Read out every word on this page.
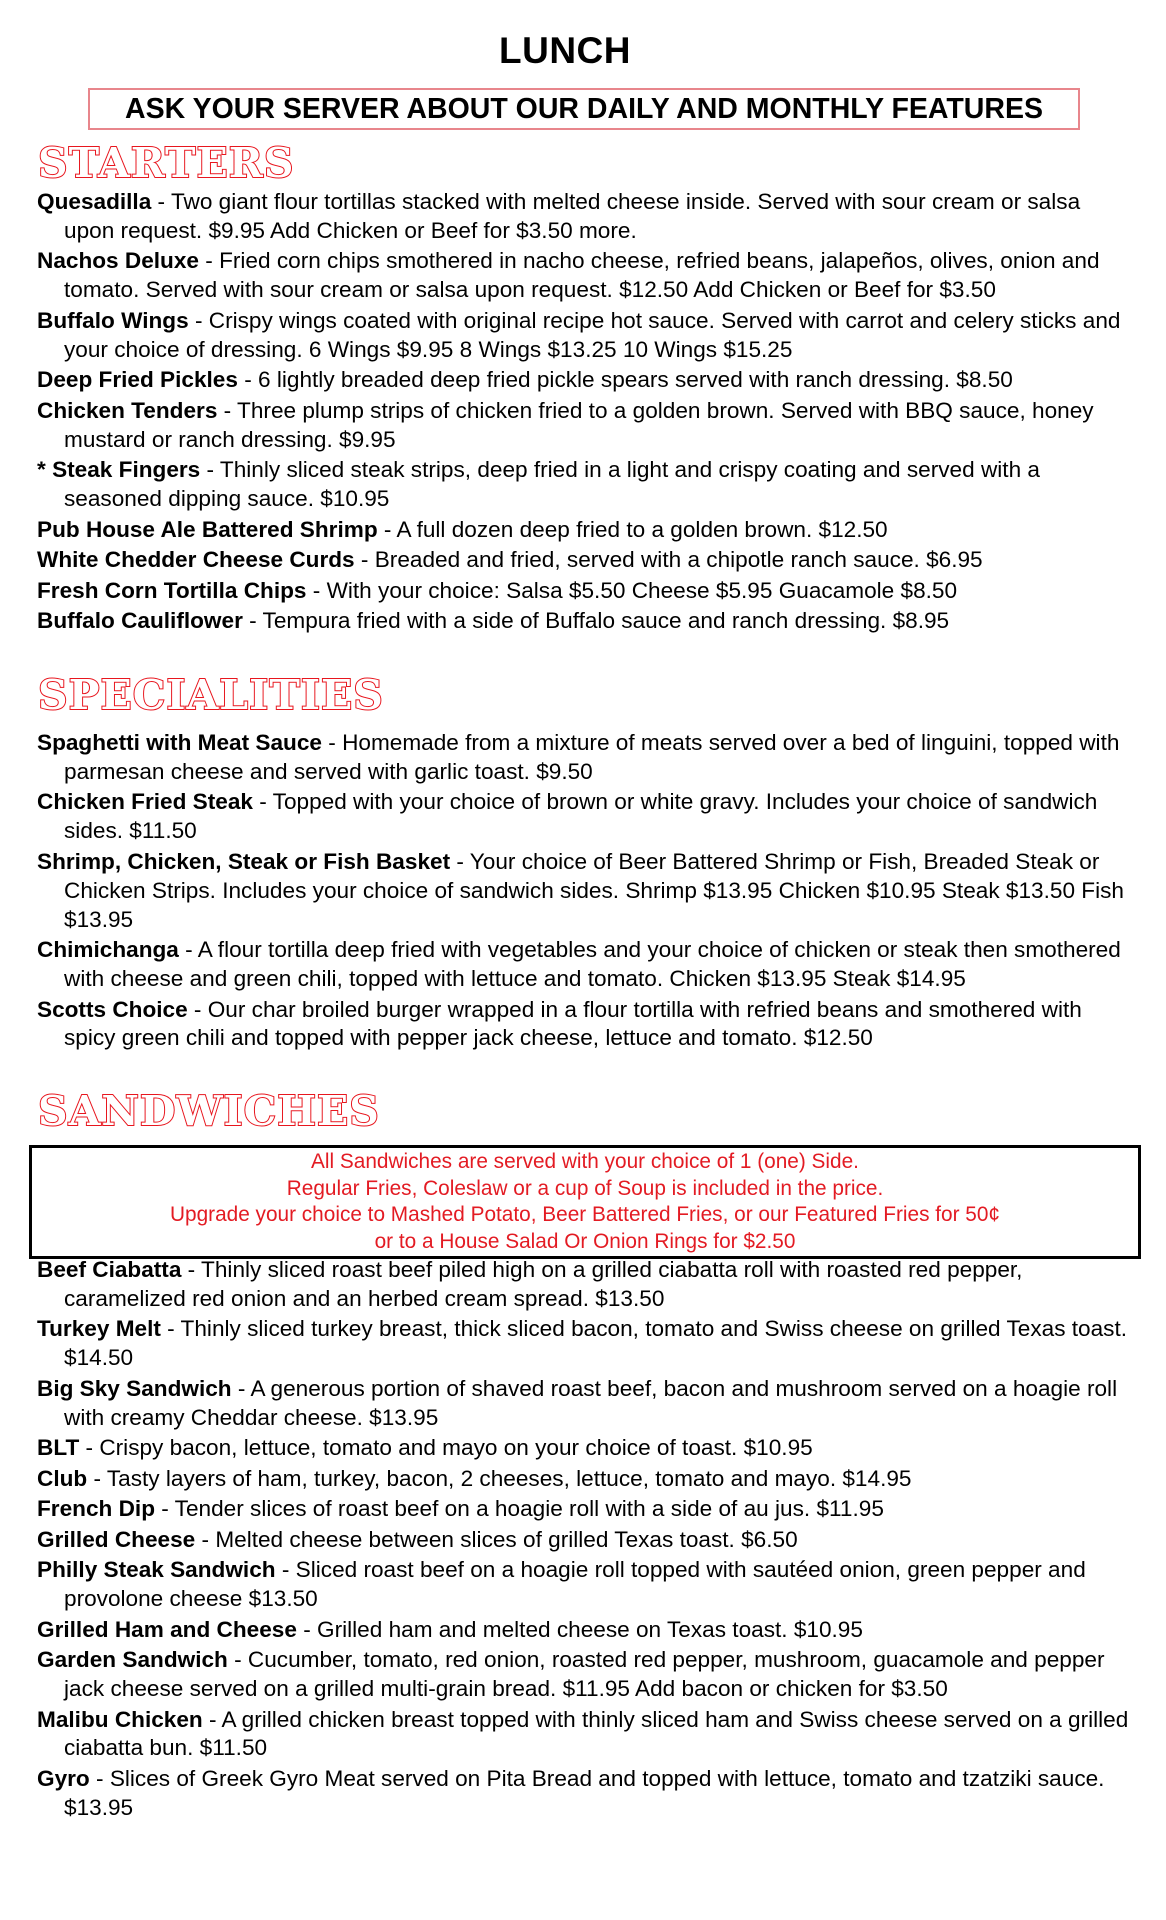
LUNCH
ASK YOUR SERVER ABOUT OUR DAILY AND MONTHLY FEATURES
STARTERS
Quesadilla - Two giant flour tortillas stacked with melted cheese inside. Served with sour cream or salsa upon request. $9.95 Add Chicken or Beef for $3.50 more.
Nachos Deluxe - Fried corn chips smothered in nacho cheese, refried beans, jalapeños, olives, onion and tomato. Served with sour cream or salsa upon request. $12.50 Add Chicken or Beef for $3.50
Buffalo Wings - Crispy wings coated with original recipe hot sauce. Served with carrot and celery sticks and your choice of dressing. 6 Wings $9.95 8 Wings $13.25 10 Wings $15.25
Deep Fried Pickles - 6 lightly breaded deep fried pickle spears served with ranch dressing. $8.50
Chicken Tenders - Three plump strips of chicken fried to a golden brown. Served with BBQ sauce, honey mustard or ranch dressing. $9.95
* Steak Fingers - Thinly sliced steak strips, deep fried in a light and crispy coating and served with a seasoned dipping sauce. $10.95
Pub House Ale Battered Shrimp - A full dozen deep fried to a golden brown. $12.50
White Chedder Cheese Curds - Breaded and fried, served with a chipotle ranch sauce. $6.95
Fresh Corn Tortilla Chips - With your choice: Salsa $5.50 Cheese $5.95 Guacamole $8.50
Buffalo Cauliflower - Tempura fried with a side of Buffalo sauce and ranch dressing. $8.95
SPECIALITIES
Spaghetti with Meat Sauce - Homemade from a mixture of meats served over a bed of linguini, topped with parmesan cheese and served with garlic toast. $9.50
Chicken Fried Steak - Topped with your choice of brown or white gravy. Includes your choice of sandwich sides. $11.50
Shrimp, Chicken, Steak or Fish Basket - Your choice of Beer Battered Shrimp or Fish, Breaded Steak or Chicken Strips. Includes your choice of sandwich sides. Shrimp $13.95 Chicken $10.95 Steak $13.50 Fish $13.95
Chimichanga - A flour tortilla deep fried with vegetables and your choice of chicken or steak then smothered with cheese and green chili, topped with lettuce and tomato. Chicken $13.95 Steak $14.95
Scotts Choice - Our char broiled burger wrapped in a flour tortilla with refried beans and smothered with spicy green chili and topped with pepper jack cheese, lettuce and tomato. $12.50
SANDWICHES
All Sandwiches are served with your choice of 1 (one) Side.
Regular Fries, Coleslaw or a cup of Soup is included in the price.
Upgrade your choice to Mashed Potato, Beer Battered Fries, or our Featured Fries for 50¢
or to a House Salad Or Onion Rings for $2.50
Beef Ciabatta - Thinly sliced roast beef piled high on a grilled ciabatta roll with roasted red pepper, caramelized red onion and an herbed cream spread. $13.50
Turkey Melt - Thinly sliced turkey breast, thick sliced bacon, tomato and Swiss cheese on grilled Texas toast. $14.50
Big Sky Sandwich - A generous portion of shaved roast beef, bacon and mushroom served on a hoagie roll with creamy Cheddar cheese. $13.95
BLT - Crispy bacon, lettuce, tomato and mayo on your choice of toast. $10.95
Club - Tasty layers of ham, turkey, bacon, 2 cheeses, lettuce, tomato and mayo. $14.95
French Dip - Tender slices of roast beef on a hoagie roll with a side of au jus. $11.95
Grilled Cheese - Melted cheese between slices of grilled Texas toast. $6.50
Philly Steak Sandwich - Sliced roast beef on a hoagie roll topped with sautéed onion, green pepper and provolone cheese $13.50
Grilled Ham and Cheese - Grilled ham and melted cheese on Texas toast. $10.95
Garden Sandwich - Cucumber, tomato, red onion, roasted red pepper, mushroom, guacamole and pepper jack cheese served on a grilled multi-grain bread. $11.95 Add bacon or chicken for $3.50
Malibu Chicken - A grilled chicken breast topped with thinly sliced ham and Swiss cheese served on a grilled ciabatta bun. $11.50
Gyro - Slices of Greek Gyro Meat served on Pita Bread and topped with lettuce, tomato and tzatziki sauce. $13.95
